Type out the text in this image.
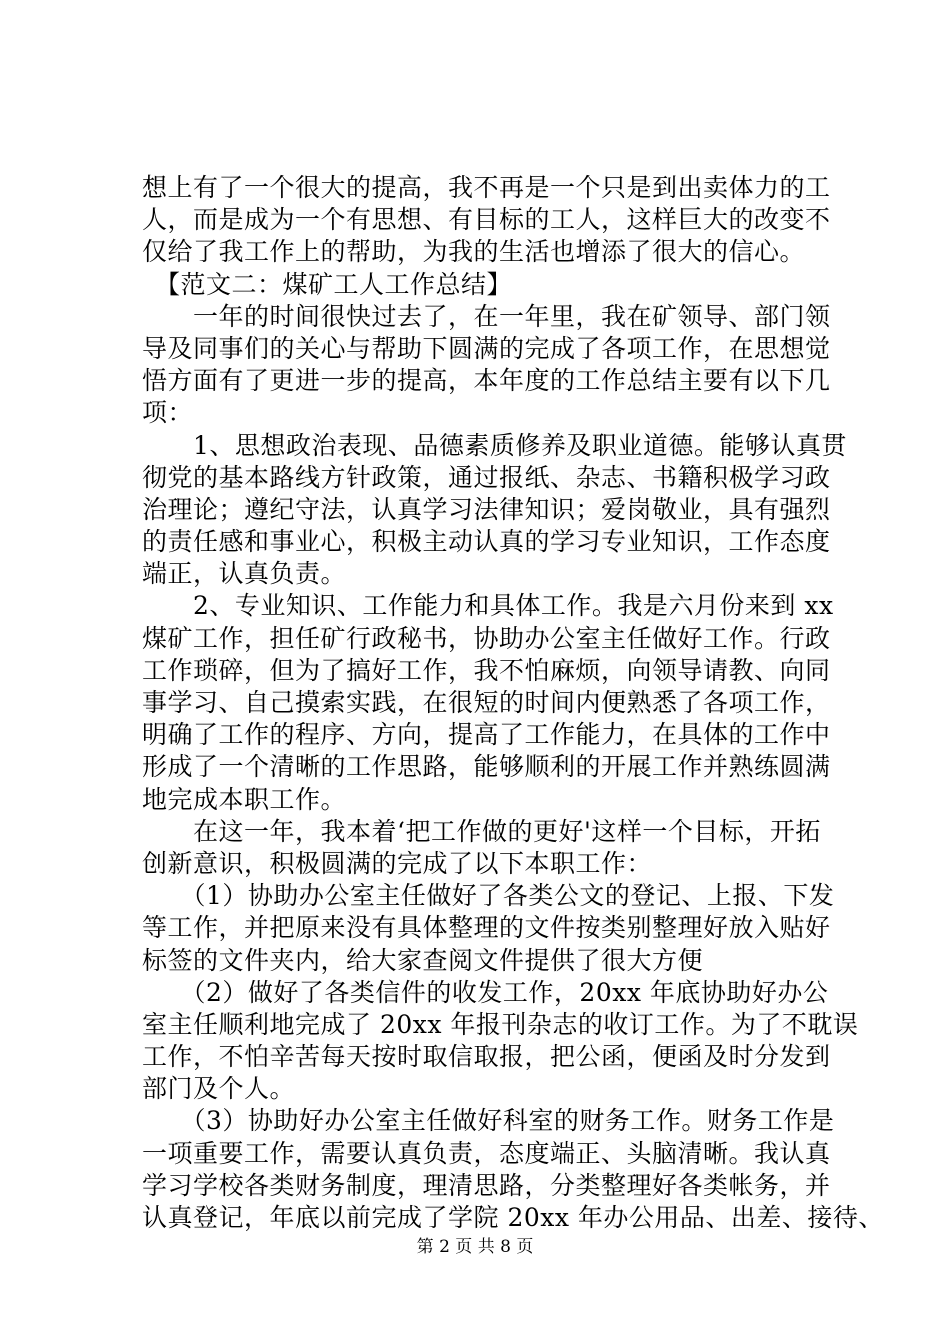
想上有了一个很大的提高，我不再是一个只是到出卖体力的工
人，而是成为一个有思想、有目标的工人，这样巨大的改变不
仅给了我工作上的帮助，为我的生活也增添了很大的信心。
　【范文二：煤矿工人工作总结】
　　一年的时间很快过去了，在一年里，我在矿领导、部门领
导及同事们的关心与帮助下圆满的完成了各项工作，在思想觉
悟方面有了更进一步的提高，本年度的工作总结主要有以下几
项：
　　1、思想政治表现、品德素质修养及职业道德。能够认真贯
彻党的基本路线方针政策，通过报纸、杂志、书籍积极学习政
治理论；遵纪守法，认真学习法律知识；爱岗敬业，具有强烈
的责任感和事业心，积极主动认真的学习专业知识，工作态度
端正，认真负责。
　　2、专业知识、工作能力和具体工作。我是六月份来到 xx
煤矿工作，担任矿行政秘书，协助办公室主任做好工作。行政
工作琐碎，但为了搞好工作，我不怕麻烦，向领导请教、向同
事学习、自己摸索实践，在很短的时间内便熟悉了各项工作，
明确了工作的程序、方向，提高了工作能力，在具体的工作中
形成了一个清晰的工作思路，能够顺利的开展工作并熟练圆满
地完成本职工作。
　　在这一年，我本着‘把工作做的更好'这样一个目标，开拓
创新意识，积极圆满的完成了以下本职工作：
　　（1）协助办公室主任做好了各类公文的登记、上报、下发
等工作，并把原来没有具体整理的文件按类别整理好放入贴好
标签的文件夹内，给大家查阅文件提供了很大方便
　　（2）做好了各类信件的收发工作，20xx 年底协助好办公
室主任顺利地完成了 20xx 年报刊杂志的收订工作。为了不耽误
工作，不怕辛苦每天按时取信取报，把公函，便函及时分发到
部门及个人。
　　（3）协助好办公室主任做好科室的财务工作。财务工作是
一项重要工作，需要认真负责，态度端正、头脑清晰。我认真
学习学校各类财务制度，理清思路，分类整理好各类帐务，并
认真登记，年底以前完成了学院 20xx 年办公用品、出差、接待、
第 2 页 共 8 页
